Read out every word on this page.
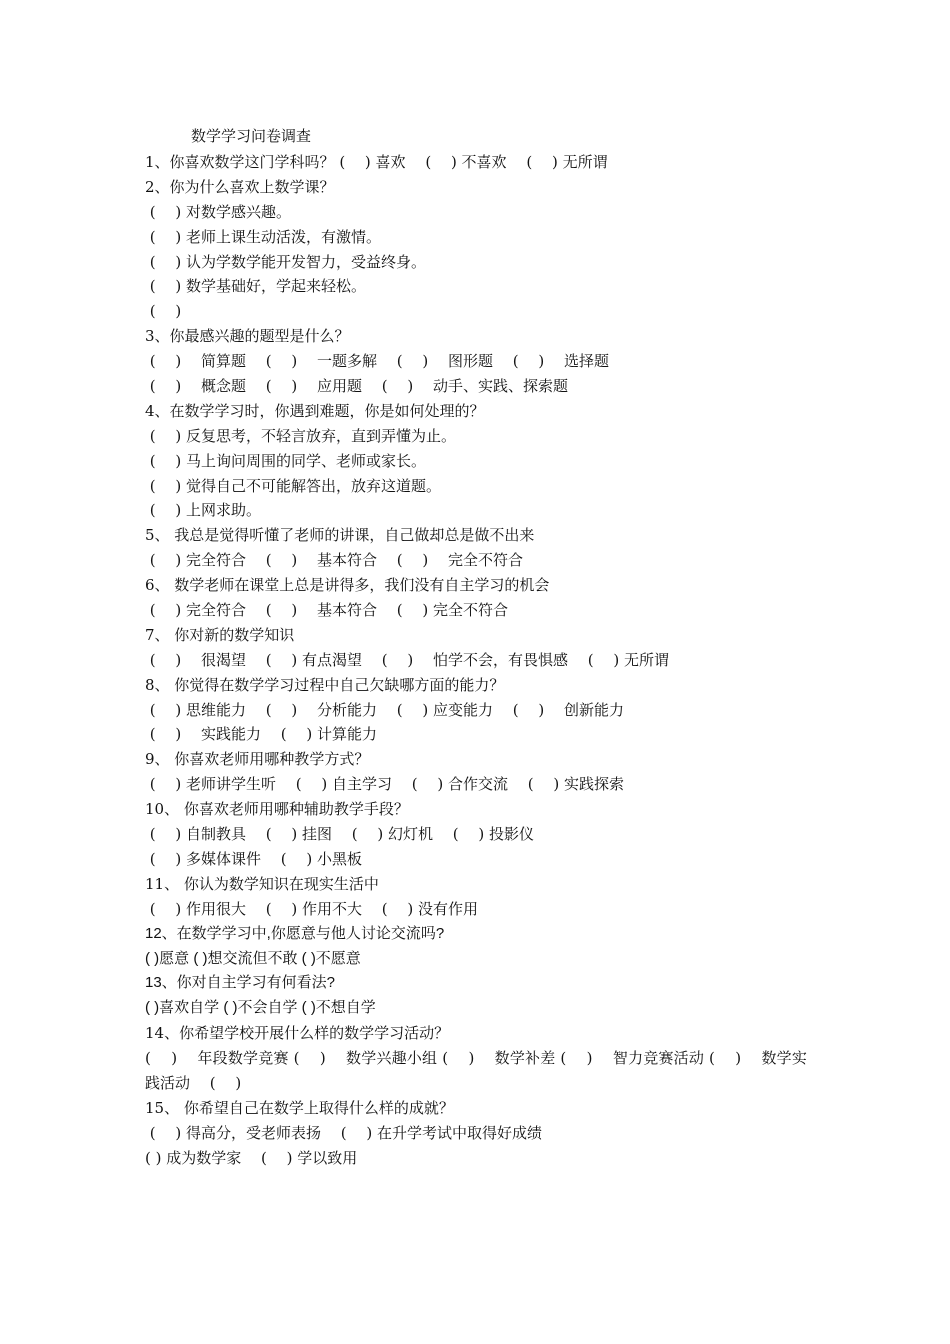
数学学习问卷调查
1、你喜欢数学这门学科吗？ (　 ) 喜欢 　(　 ) 不喜欢 　(　 ) 无所谓
2、你为什么喜欢上数学课？
(　 ) 对数学感兴趣。
(　 ) 老师上课生动活泼，有激情。
(　 ) 认为学数学能开发智力，受益终身。
(　 ) 数学基础好，学起来轻松。
(　 )
3、你最感兴趣的题型是什么？
(　 )　 简算题 　(　 )　 一题多解 　(　 )　 图形题 　(　 )　 选择题
(　 )　 概念题 　(　 )　 应用题 　(　 )　 动手、实践、探索题
4、在数学学习时，你遇到难题，你是如何处理的？
(　 ) 反复思考，不轻言放弃，直到弄懂为止。
(　 ) 马上询问周围的同学、老师或家长。
(　 ) 觉得自己不可能解答出，放弃这道题。
(　 ) 上网求助。
5、 我总是觉得听懂了老师的讲课，自己做却总是做不出来
(　 ) 完全符合 　(　 )　 基本符合 　(　 )　 完全不符合
6、 数学老师在课堂上总是讲得多，我们没有自主学习的机会
(　 ) 完全符合 　(　 )　 基本符合 　(　 ) 完全不符合
7、 你对新的数学知识
(　 )　 很渴望 　(　 ) 有点渴望 　(　 )　 怕学不会，有畏惧感 　(　 ) 无所谓
8、 你觉得在数学学习过程中自己欠缺哪方面的能力？
(　 ) 思维能力 　(　 )　 分析能力 　(　 ) 应变能力 　(　 )　 创新能力
(　 )　 实践能力 　(　 ) 计算能力
9、 你喜欢老师用哪种教学方式？
(　 ) 老师讲学生听 　(　 ) 自主学习 　(　 ) 合作交流 　(　 ) 实践探索
10、 你喜欢老师用哪种辅助教学手段？
(　 ) 自制教具 　(　 ) 挂图 　(　 ) 幻灯机 　(　 ) 投影仪
(　 ) 多媒体课件 　(　 ) 小黑板
11、 你认为数学知识在现实生活中
(　 ) 作用很大 　(　 ) 作用不大 　(　 ) 没有作用
12、在数学学习中,你愿意与他人讨论交流吗?
( )愿意 ( )想交流但不敢 ( )不愿意
13、你对自主学习有何看法?
( )喜欢自学 ( )不会自学 ( )不想自学
14、你希望学校开展什么样的数学学习活动？
(　 )　 年段数学竞赛 (　 )　 数学兴趣小组 (　 )　 数学补差 (　 )　 智力竞赛活动 (　 )　 数学实
践活动 　(　 )
15、 你希望自己在数学上取得什么样的成就？
(　 ) 得高分，受老师表扬 　(　 ) 在升学考试中取得好成绩
( ) 成为数学家 　(　 ) 学以致用
